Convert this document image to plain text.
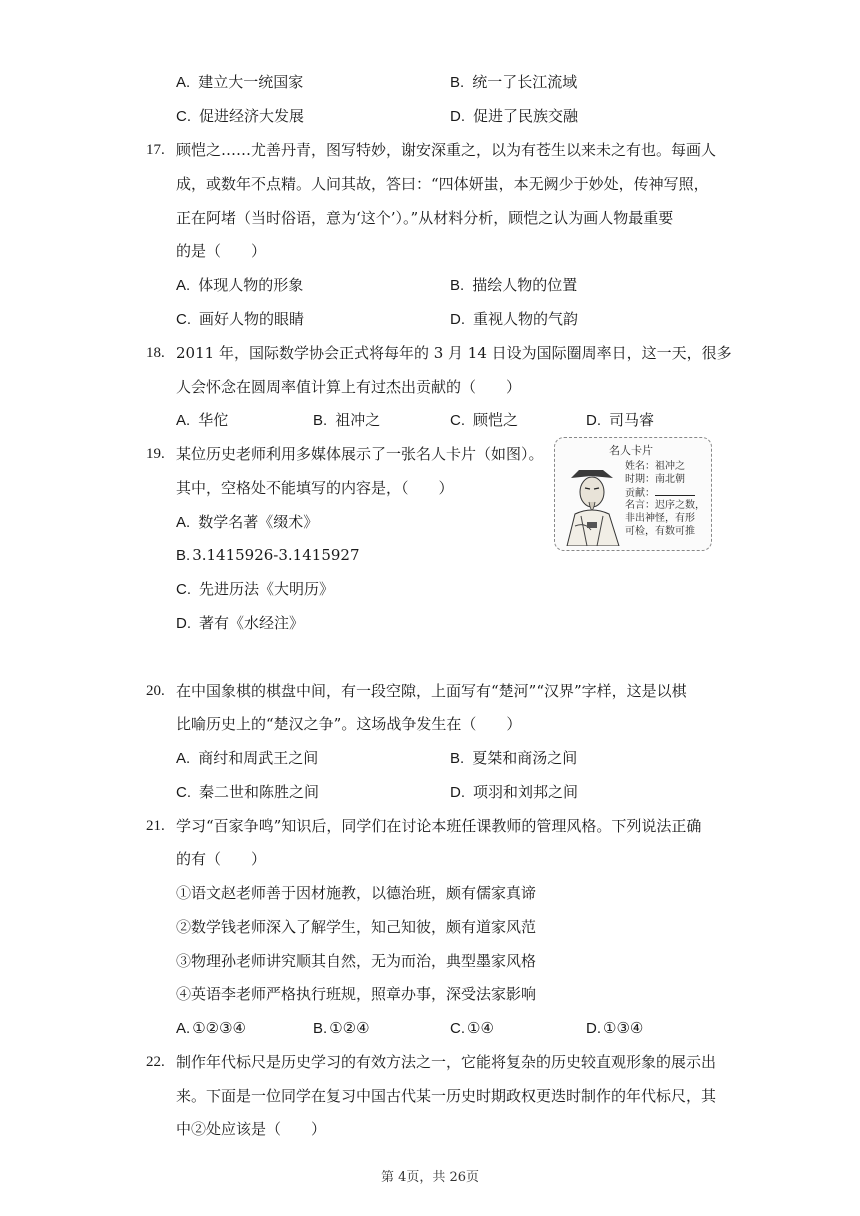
A. 建立大一统国家	B. 统一了长江流域
C. 促进经济大发展	D. 促进了民族交融
17. 顾恺之……尤善丹青，图写特妙，谢安深重之，以为有苍生以来未之有也。每画人
成，或数年不点精。人问其故，答曰：“四体妍蚩，本无阙少于妙处，传神写照，
正在阿堵（当时俗语，意为‘这个’）。”从材料分析，顾恺之认为画人物最重要
的是（　　）
A. 体现人物的形象	B. 描绘人物的位置
C. 画好人物的眼睛	D. 重视人物的气韵
18. 2011 年，国际数学协会正式将每年的 3 月 14 日设为国际圈周率日，这一天，很多
人会怀念在圆周率值计算上有过杰出贡献的（　　）
A. 华佗	B. 祖冲之	C. 顾恺之	D. 司马睿
19. 某位历史老师利用多媒体展示了一张名人卡片（如图）。
其中，空格处不能填写的内容是，（　　）
A. 数学名著《缀术》
B. 3.1415926-3.1415927
C. 先进历法《大明历》
D. 著有《水经注》
名人卡片
姓名：祖冲之
时期：南北朝
贡献：
名言：迟序之数，
非出神怪，有形
可检，有数可推
20. 在中国象棋的棋盘中间，有一段空隙，上面写有“楚河”“汉界”字样，这是以棋
比喻历史上的“楚汉之争”。这场战争发生在（　　）
A. 商纣和周武王之间	B. 夏桀和商汤之间
C. 秦二世和陈胜之间	D. 项羽和刘邦之间
21. 学习“百家争鸣”知识后，同学们在讨论本班任课教师的管理风格。下列说法正确
的有（　　）
①语文赵老师善于因材施教，以德治班，颇有儒家真谛
②数学钱老师深入了解学生，知己知彼，颇有道家风范
③物理孙老师讲究顺其自然，无为而治，典型墨家风格
④英语李老师严格执行班规，照章办事，深受法家影响
A. ①②③④	B. ①②④	C. ①④	D. ①③④
22. 制作年代标尺是历史学习的有效方法之一，它能将复杂的历史较直观形象的展示出
来。下面是一位同学在复习中国古代某一历史时期政权更迭时制作的年代标尺，其
中②处应该是（　　）
第 4页，共 26页
